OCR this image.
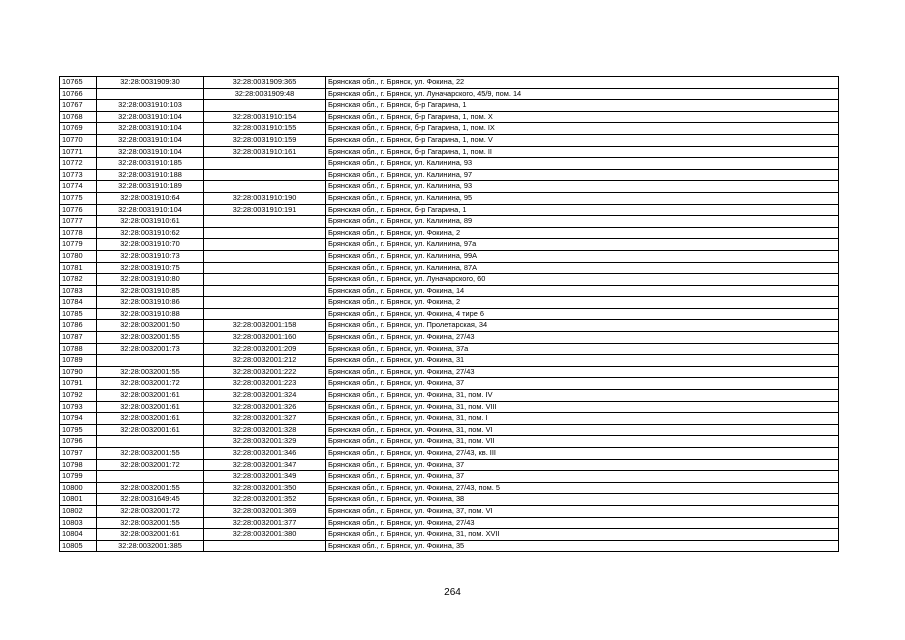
10765	32:28:0031909:30	32:28:0031909:365	Брянская обл., г. Брянск, ул. Фокина, 22
10766		32:28:0031909:48	Брянская обл., г. Брянск, ул. Луначарского, 45/9, пом. 14
10767	32:28:0031910:103		Брянская обл., г. Брянск, б-р Гагарина, 1
10768	32:28:0031910:104	32:28:0031910:154	Брянская обл., г. Брянск, б-р Гагарина, 1, пом. X
10769	32:28:0031910:104	32:28:0031910:155	Брянская обл., г. Брянск, б-р Гагарина, 1, пом. IX
10770	32:28:0031910:104	32:28:0031910:159	Брянская обл., г. Брянск, б-р Гагарина, 1, пом. V
10771	32:28:0031910:104	32:28:0031910:161	Брянская обл., г. Брянск, б-р Гагарина, 1, пом. II
10772	32:28:0031910:185		Брянская обл., г. Брянск, ул. Калинина, 93
10773	32:28:0031910:188		Брянская обл., г. Брянск, ул. Калинина, 97
10774	32:28:0031910:189		Брянская обл., г. Брянск, ул. Калинина, 93
10775	32:28:0031910:64	32:28:0031910:190	Брянская обл., г. Брянск, ул. Калинина, 95
10776	32:28:0031910:104	32:28:0031910:191	Брянская обл., г. Брянск, б-р Гагарина, 1
10777	32:28:0031910:61		Брянская обл., г. Брянск, ул. Калинина, 89
10778	32:28:0031910:62		Брянская обл., г. Брянск, ул. Фокина, 2
10779	32:28:0031910:70		Брянская обл., г. Брянск, ул. Калинина, 97а
10780	32:28:0031910:73		Брянская обл., г. Брянск, ул. Калинина, 99А
10781	32:28:0031910:75		Брянская обл., г. Брянск, ул. Калинина, 87А
10782	32:28:0031910:80		Брянская обл., г. Брянск, ул. Луначарского, 60
10783	32:28:0031910:85		Брянская обл., г. Брянск, ул. Фокина, 14
10784	32:28:0031910:86		Брянская обл., г. Брянск, ул. Фокина, 2
10785	32:28:0031910:88		Брянская обл., г. Брянск, ул. Фокина, 4 тире 6
10786	32:28:0032001:50	32:28:0032001:158	Брянская обл., г. Брянск, ул. Пролетарская, 34
10787	32:28:0032001:55	32:28:0032001:160	Брянская обл., г. Брянск, ул. Фокина, 27/43
10788	32:28:0032001:73	32:28:0032001:209	Брянская обл., г. Брянск, ул. Фокина, 37а
10789		32:28:0032001:212	Брянская обл., г. Брянск, ул. Фокина, 31
10790	32:28:0032001:55	32:28:0032001:222	Брянская обл., г. Брянск, ул. Фокина, 27/43
10791	32:28:0032001:72	32:28:0032001:223	Брянская обл., г. Брянск, ул. Фокина, 37
10792	32:28:0032001:61	32:28:0032001:324	Брянская обл., г. Брянск, ул. Фокина, 31, пом. IV
10793	32:28:0032001:61	32:28:0032001:326	Брянская обл., г. Брянск, ул. Фокина, 31, пом. VIII
10794	32:28:0032001:61	32:28:0032001:327	Брянская обл., г. Брянск, ул. Фокина, 31, пом. I
10795	32:28:0032001:61	32:28:0032001:328	Брянская обл., г. Брянск, ул. Фокина, 31, пом. VI
10796		32:28:0032001:329	Брянская обл., г. Брянск, ул. Фокина, 31, пом. VII
10797	32:28:0032001:55	32:28:0032001:346	Брянская обл., г. Брянск, ул. Фокина, 27/43, кв. III
10798	32:28:0032001:72	32:28:0032001:347	Брянская обл., г. Брянск, ул. Фокина, 37
10799		32:28:0032001:349	Брянская обл., г. Брянск, ул. Фокина, 37
10800	32:28:0032001:55	32:28:0032001:350	Брянская обл., г. Брянск, ул. Фокина, 27/43, пом. 5
10801	32:28:0031649:45	32:28:0032001:352	Брянская обл., г. Брянск, ул. Фокина, 38
10802	32:28:0032001:72	32:28:0032001:369	Брянская обл., г. Брянск, ул. Фокина, 37, пом. VI
10803	32:28:0032001:55	32:28:0032001:377	Брянская обл., г. Брянск, ул. Фокина, 27/43
10804	32:28:0032001:61	32:28:0032001:380	Брянская обл., г. Брянск, ул. Фокина, 31, пом. XVII
10805	32:28:0032001:385		Брянская обл., г. Брянск, ул. Фокина, 35
264
